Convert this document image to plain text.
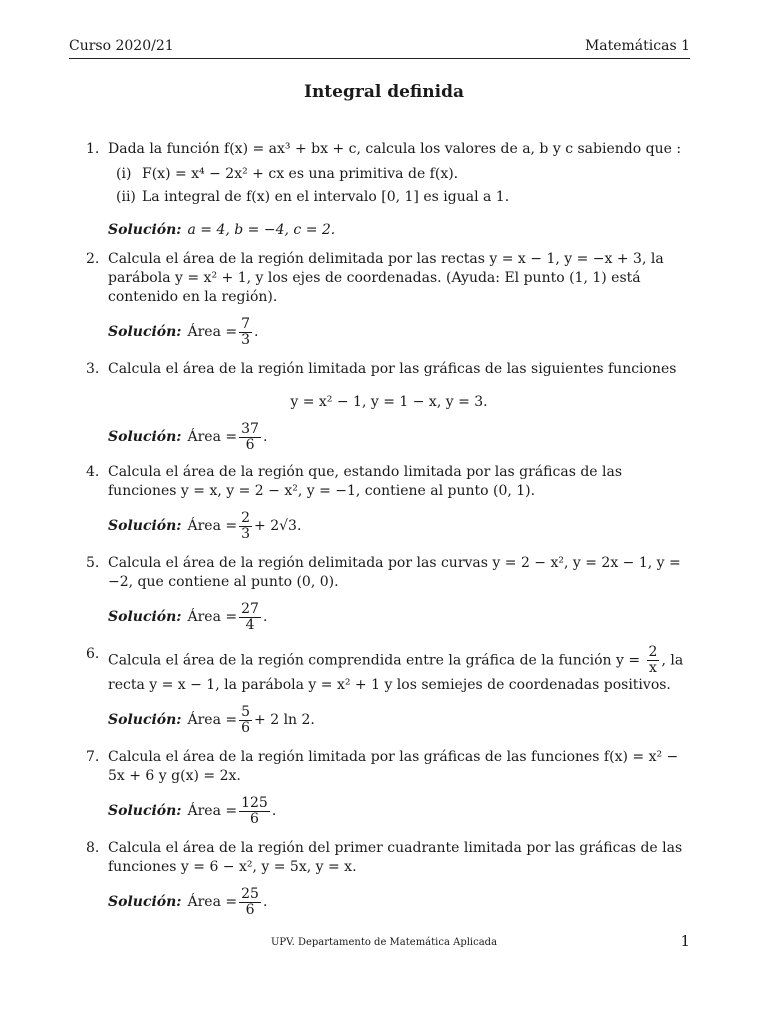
Curso 2020/21	Matemáticas 1
Integral definida
1. Dada la función f(x) = ax³ + bx + c, calcula los valores de a, b y c sabiendo que :
(i) F(x) = x⁴ − 2x² + cx es una primitiva de f(x).
(ii) La integral de f(x) en el intervalo [0, 1] es igual a 1.
Solución: a = 4, b = −4, c = 2.
2. Calcula el área de la región delimitada por las rectas y = x − 1, y = −x + 3, la parábola y = x² + 1, y los ejes de coordenadas. (Ayuda: El punto (1, 1) está contenido en la región).
Solución: Área = $\frac{7}{3}$ .
3. Calcula el área de la región limitada por las gráficas de las siguientes funciones
y = x² − 1, y = 1 − x, y = 3.
Solución: Área = $\frac{37}{6}$ .
4. Calcula el área de la región que, estando limitada por las gráficas de las funciones y = x, y = 2 − x², y = −1, contiene al punto (0, 1).
Solución: Área = $\frac{2}{3} + 2√3$.
5. Calcula el área de la región delimitada por las curvas y = 2 − x², y = 2x − 1, y = −2, que contiene al punto (0, 0).
Solución: Área = $\frac{27}{4}$ .
6. Calcula el área de la región comprendida entre la gráfica de la función $y = \frac{2}{x}$ , la recta y = x − 1, la parábola y = x² + 1 y los semiejes de coordenadas positivos.
Solución: Área = $\frac{5}{6} + 2$ ln 2.
7. Calcula el área de la región limitada por las gráficas de las funciones f(x) = x² − 5x + 6 y g(x) = 2x.
Solución: Área = $\frac{125}{6}$ .
8. Calcula el área de la región del primer cuadrante limitada por las gráficas de las funciones y = 6 − x², y = 5x, y = x.
Solución: Área = $\frac{25}{6}$ .
UPV. Departamento de Matemática Aplicada	1
